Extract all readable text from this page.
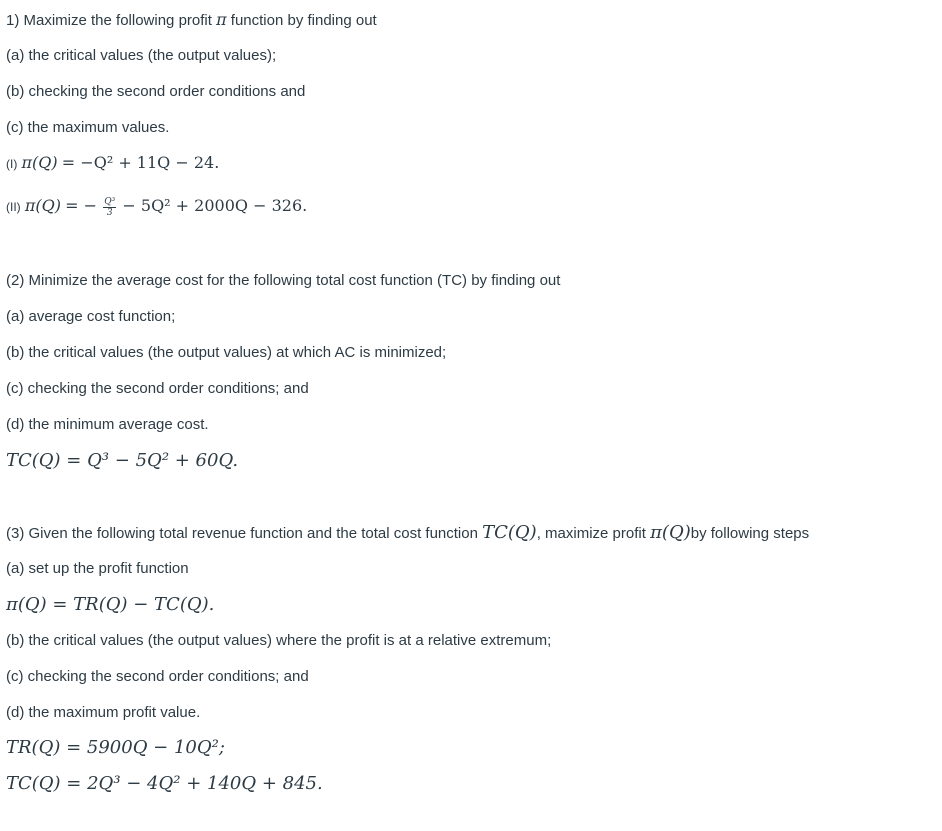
1) Maximize the following profit π function by finding out
(a) the critical values (the output values);
(b) checking the second order conditions and
(c) the maximum values.
(I) π(Q) = −Q² + 11Q − 24.
(II) π(Q) = − $\frac{\text{Q³}}{3} - 5Q^2 + 2000Q - 326$.
(2) Minimize the average cost for the following total cost function (TC) by finding out
(a) average cost function;
(b) the critical values (the output values) at which AC is minimized;
(c) checking the second order conditions; and
(d) the minimum average cost.
TC(Q) = Q³ − 5Q² + 60Q.
(3) Given the following total revenue function and the total cost function TC(Q), maximize profit π(Q)by following steps
(a) set up the profit function
π(Q) = TR(Q) − TC(Q).
(b) the critical values (the output values) where the profit is at a relative extremum;
(c) checking the second order conditions; and
(d) the maximum profit value.
TR(Q) = 5900Q − 10Q²;
TC(Q) = 2Q³ − 4Q² + 140Q + 845.
